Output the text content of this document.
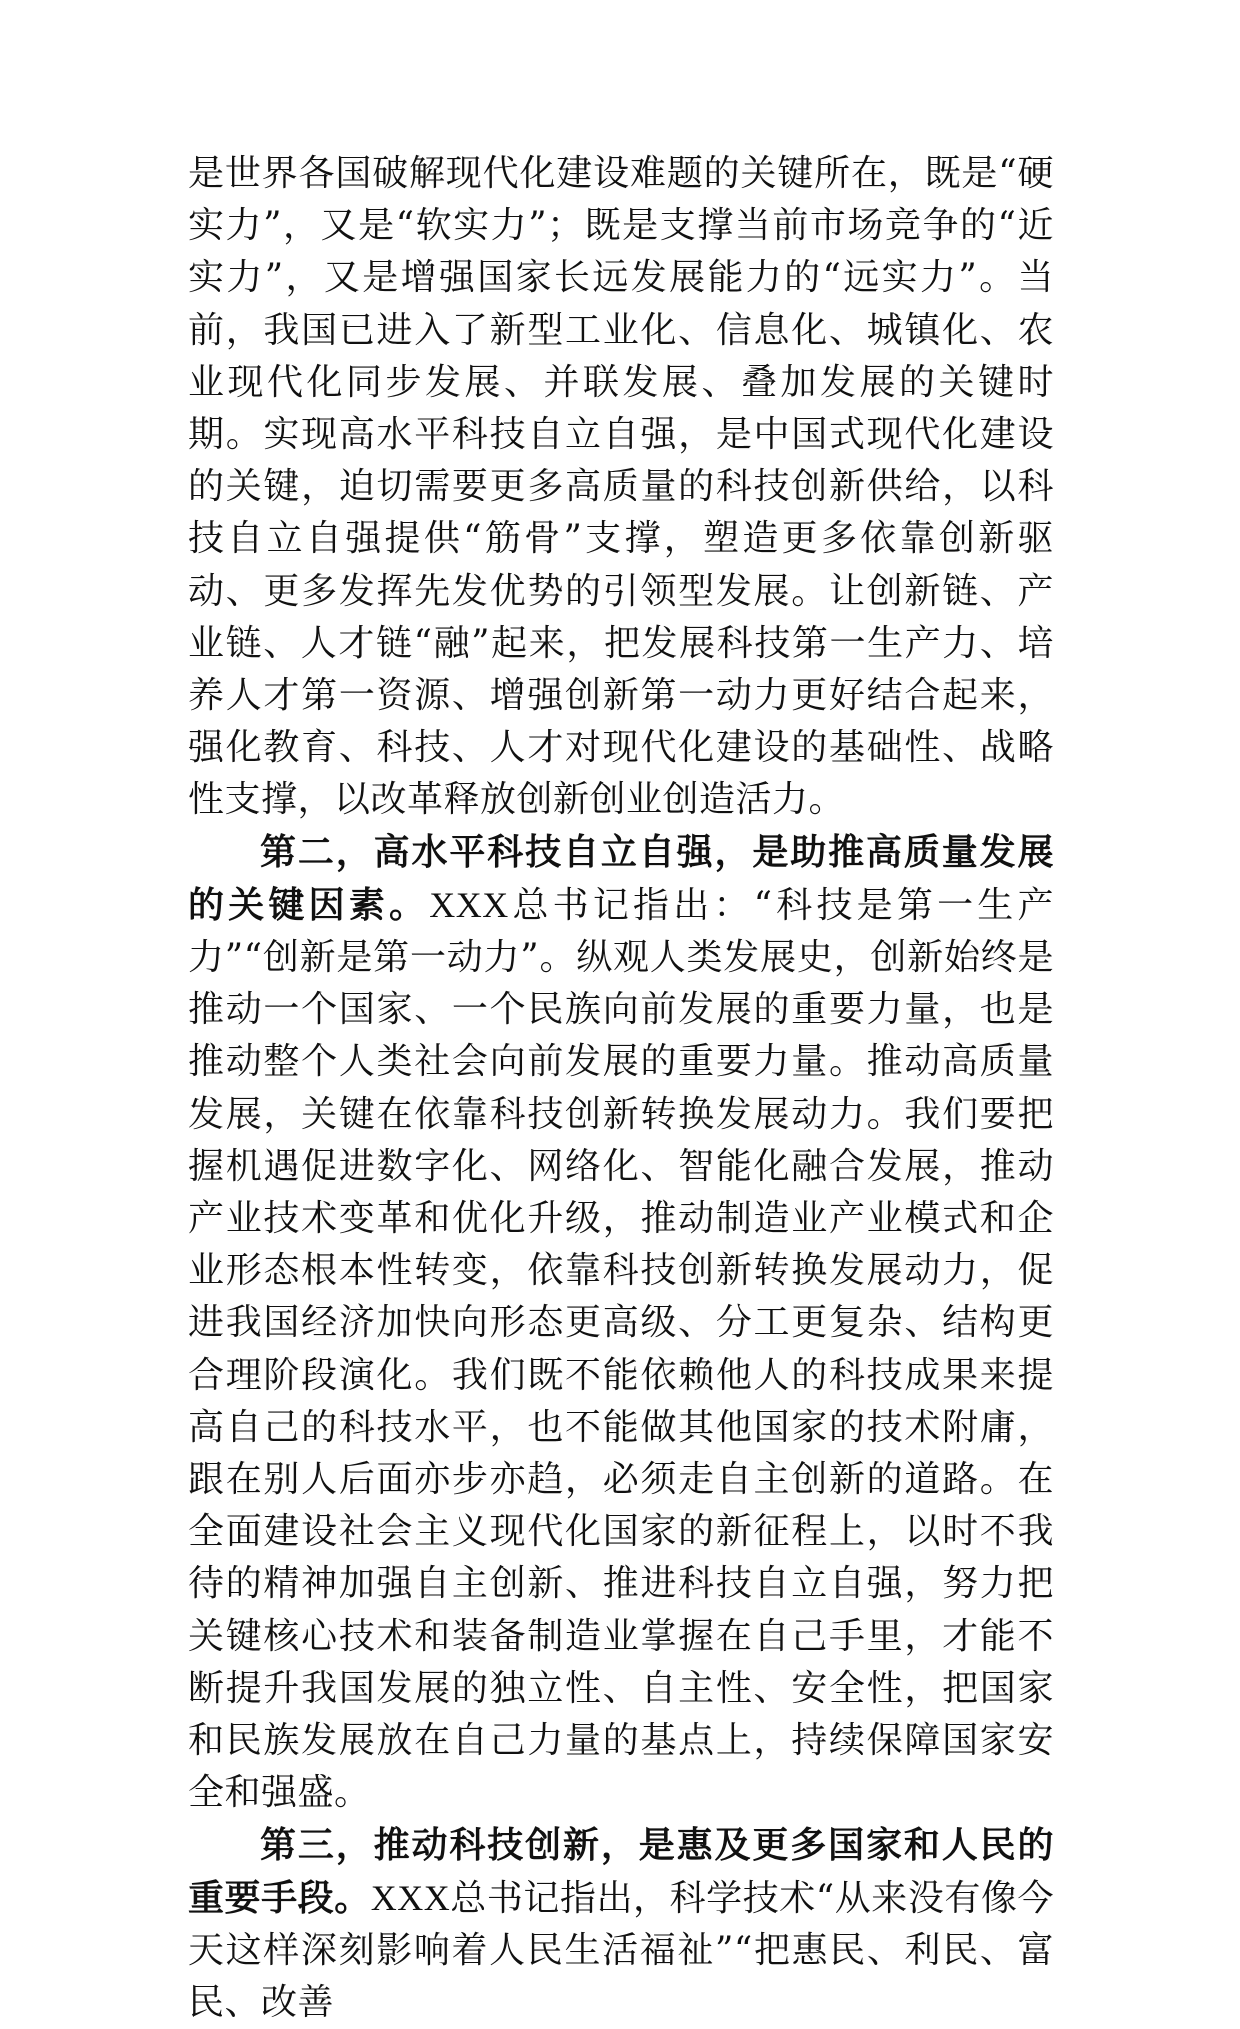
是世界各国破解现代化建设难题的关键所在，既是“硬实力”，又是“软实力”；既是支撑当前市场竞争的“近实力”，又是增强国家长远发展能力的“远实力”。当前，我国已进入了新型工业化、信息化、城镇化、农业现代化同步发展、并联发展、叠加发展的关键时期。实现高水平科技自立自强，是中国式现代化建设的关键，迫切需要更多高质量的科技创新供给，以科技自立自强提供“筋骨”支撑，塑造更多依靠创新驱动、更多发挥先发优势的引领型发展。让创新链、产业链、人才链“融”起来，把发展科技第一生产力、培养人才第一资源、增强创新第一动力更好结合起来，强化教育、科技、人才对现代化建设的基础性、战略性支撑，以改革释放创新创业创造活力。

第二，高水平科技自立自强，是助推高质量发展的关键因素。XXX总书记指出：“科技是第一生产力”“创新是第一动力”。纵观人类发展史，创新始终是推动一个国家、一个民族向前发展的重要力量，也是推动整个人类社会向前发展的重要力量。推动高质量发展，关键在依靠科技创新转换发展动力。我们要把握机遇促进数字化、网络化、智能化融合发展，推动产业技术变革和优化升级，推动制造业产业模式和企业形态根本性转变，依靠科技创新转换发展动力，促进我国经济加快向形态更高级、分工更复杂、结构更合理阶段演化。我们既不能依赖他人的科技成果来提高自己的科技水平，也不能做其他国家的技术附庸，跟在别人后面亦步亦趋，必须走自主创新的道路。在全面建设社会主义现代化国家的新征程上，以时不我待的精神加强自主创新、推进科技自立自强，努力把关键核心技术和装备制造业掌握在自己手里，才能不断提升我国发展的独立性、自主性、安全性，把国家和民族发展放在自己力量的基点上，持续保障国家安全和强盛。

第三，推动科技创新，是惠及更多国家和人民的重要手段。XXX总书记指出，科学技术“从来没有像今天这样深刻影响着人民生活福祉”“把惠民、利民、富民、改善
